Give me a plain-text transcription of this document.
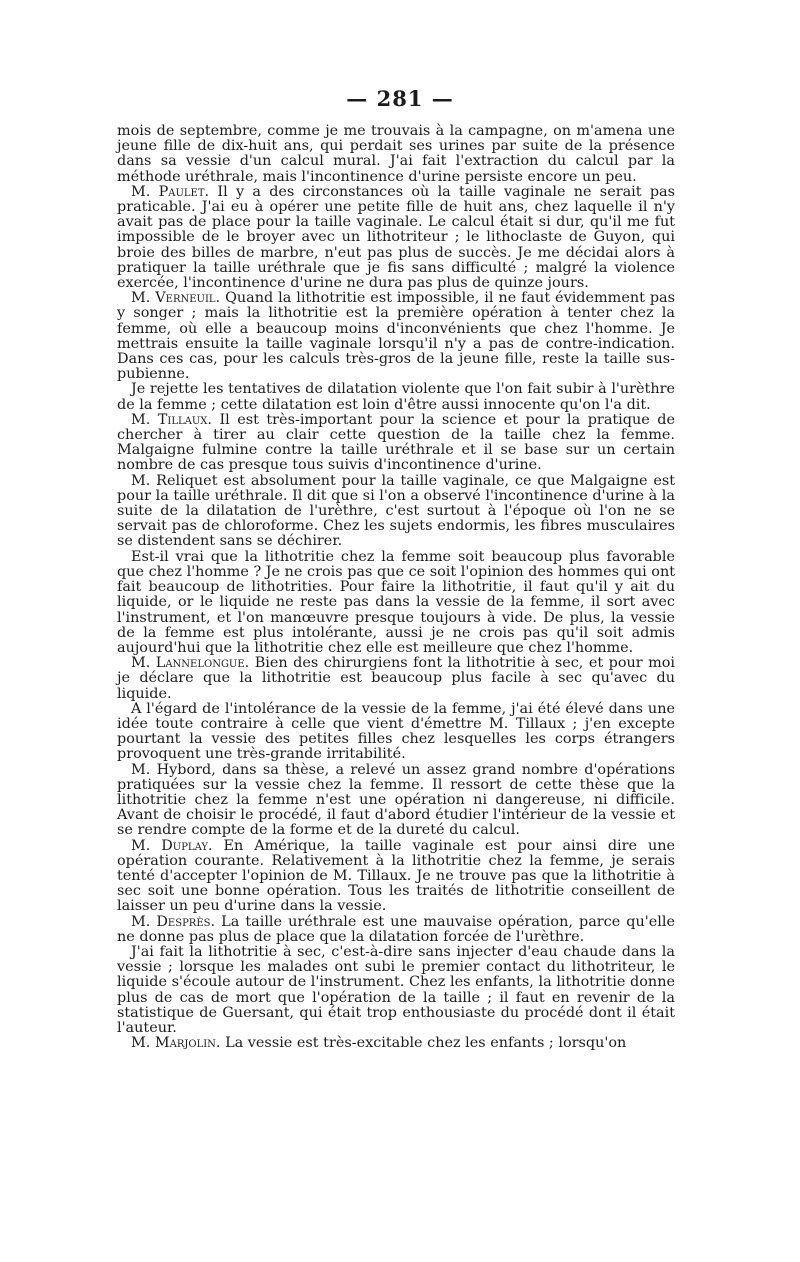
— 281 —

mois de septembre, comme je me trouvais à la campagne, on m'amena une jeune fille de dix-huit ans, qui perdait ses urines par suite de la présence dans sa vessie d'un calcul mural. J'ai fait l'extraction du calcul par la méthode uréthrale, mais l'incontinence d'urine persiste encore un peu.

M. Paulet. Il y a des circonstances où la taille vaginale ne serait pas praticable. J'ai eu à opérer une petite fille de huit ans, chez laquelle il n'y avait pas de place pour la taille vaginale. Le calcul était si dur, qu'il me fut impossible de le broyer avec un lithotriteur ; le lithoclaste de Guyon, qui broie des billes de marbre, n'eut pas plus de succès. Je me décidai alors à pratiquer la taille uréthrale que je fis sans difficulté ; malgré la violence exercée, l'incontinence d'urine ne dura pas plus de quinze jours.

M. Verneuil. Quand la lithotritie est impossible, il ne faut évidemment pas y songer ; mais la lithotritie est la première opération à tenter chez la femme, où elle a beaucoup moins d'inconvénients que chez l'homme. Je mettrais ensuite la taille vaginale lorsqu'il n'y a pas de contre-indication. Dans ces cas, pour les calculs très-gros de la jeune fille, reste la taille sus-pubienne.

Je rejette les tentatives de dilatation violente que l'on fait subir à l'urèthre de la femme ; cette dilatation est loin d'être aussi innocente qu'on l'a dit.

M. Tillaux. Il est très-important pour la science et pour la pratique de chercher à tirer au clair cette question de la taille chez la femme. Malgaigne fulmine contre la taille uréthrale et il se base sur un certain nombre de cas presque tous suivis d'incontinence d'urine.

M. Reliquet est absolument pour la taille vaginale, ce que Malgaigne est pour la taille uréthrale. Il dit que si l'on a observé l'incontinence d'urine à la suite de la dilatation de l'urèthre, c'est surtout à l'époque où l'on ne se servait pas de chloroforme. Chez les sujets endormis, les fibres musculaires se distendent sans se déchirer.

Est-il vrai que la lithotritie chez la femme soit beaucoup plus favorable que chez l'homme ? Je ne crois pas que ce soit l'opinion des hommes qui ont fait beaucoup de lithotrities. Pour faire la lithotritie, il faut qu'il y ait du liquide, or le liquide ne reste pas dans la vessie de la femme, il sort avec l'instrument, et l'on manœuvre presque toujours à vide. De plus, la vessie de la femme est plus intolérante, aussi je ne crois pas qu'il soit admis aujourd'hui que la lithotritie chez elle est meilleure que chez l'homme.

M. Lannelongue. Bien des chirurgiens font la lithotritie à sec, et pour moi je déclare que la lithotritie est beaucoup plus facile à sec qu'avec du liquide.

A l'égard de l'intolérance de la vessie de la femme, j'ai été élevé dans une idée toute contraire à celle que vient d'émettre M. Tillaux ; j'en excepte pourtant la vessie des petites filles chez lesquelles les corps étrangers provoquent une très-grande irritabilité.

M. Hybord, dans sa thèse, a relevé un assez grand nombre d'opérations pratiquées sur la vessie chez la femme. Il ressort de cette thèse que la lithotritie chez la femme n'est une opération ni dangereuse, ni difficile. Avant de choisir le procédé, il faut d'abord étudier l'intérieur de la vessie et se rendre compte de la forme et de la dureté du calcul.

M. Duplay. En Amérique, la taille vaginale est pour ainsi dire une opération courante. Relativement à la lithotritie chez la femme, je serais tenté d'accepter l'opinion de M. Tillaux. Je ne trouve pas que la lithotritie à sec soit une bonne opération. Tous les traités de lithotritie conseillent de laisser un peu d'urine dans la vessie.

M. Desprès. La taille uréthrale est une mauvaise opération, parce qu'elle ne donne pas plus de place que la dilatation forcée de l'urèthre.

J'ai fait la lithotritie à sec, c'est-à-dire sans injecter d'eau chaude dans la vessie ; lorsque les malades ont subi le premier contact du lithotriteur, le liquide s'écoule autour de l'instrument. Chez les enfants, la lithotritie donne plus de cas de mort que l'opération de la taille ; il faut en revenir de la statistique de Guersant, qui était trop enthousiaste du procédé dont il était l'auteur.

M. Marjolin. La vessie est très-excitable chez les enfants ; lorsqu'on
